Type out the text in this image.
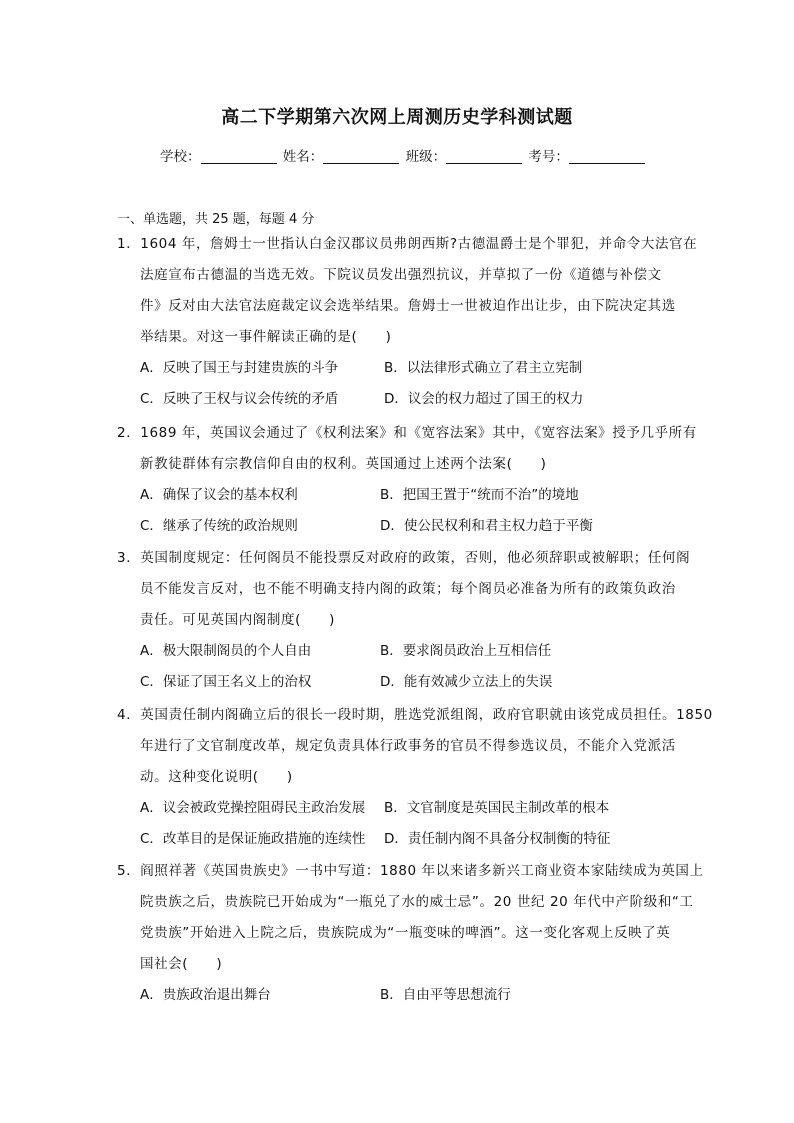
高二下学期第六次网上周测历史学科测试题
学校：	姓名：	班级：	考号：
一、单选题，共 25 题，每题 4 分
1．1604 年，詹姆士一世指认白金汉郡议员弗朗西斯?古德温爵士是个罪犯，并命令大法官在
法庭宣布古德温的当选无效。下院议员发出强烈抗议，并草拟了一份《道德与补偿文
件》反对由大法官法庭裁定议会选举结果。詹姆士一世被迫作出让步，由下院决定其选
举结果。对这一事件解读正确的是(　　)
A．反映了国王与封建贵族的斗争	B．以法律形式确立了君主立宪制
C．反映了王权与议会传统的矛盾	D．议会的权力超过了国王的权力
2．1689 年，英国议会通过了《权利法案》和《宽容法案》其中，《宽容法案》授予几乎所有
新教徒群体有宗教信仰自由的权利。英国通过上述两个法案(　　)
A．确保了议会的基本权利	B．把国王置于“统而不治”的境地
C．继承了传统的政治规则	D．使公民权利和君主权力趋于平衡
3．英国制度规定：任何阁员不能投票反对政府的政策，否则，他必须辞职或被解职；任何阁
员不能发言反对，也不能不明确支持内阁的政策；每个阁员必准备为所有的政策负政治
责任。可见英国内阁制度(　　)
A．极大限制阁员的个人自由	B．要求阁员政治上互相信任
C．保证了国王名义上的治权	D．能有效减少立法上的失误
4．英国责任制内阁确立后的很长一段时期，胜选党派组阁，政府官职就由该党成员担任。1850
年进行了文官制度改革，规定负责具体行政事务的官员不得参选议员，不能介入党派活
动。这种变化说明(　　)
A．议会被政党操控阻碍民主政治发展 B．文官制度是英国民主制改革的根本
C．改革目的是保证施政措施的连续性 D．责任制内阁不具备分权制衡的特征
5．阎照祥著《英国贵族史》一书中写道：1880 年以来诸多新兴工商业资本家陆续成为英国上
院贵族之后，贵族院已开始成为“一瓶兑了水的威士忌”。20 世纪 20 年代中产阶级和“工
党贵族”开始进入上院之后，贵族院成为“一瓶变味的啤酒”。这一变化客观上反映了英
国社会(　　)
A．贵族政治退出舞台	B．自由平等思想流行
